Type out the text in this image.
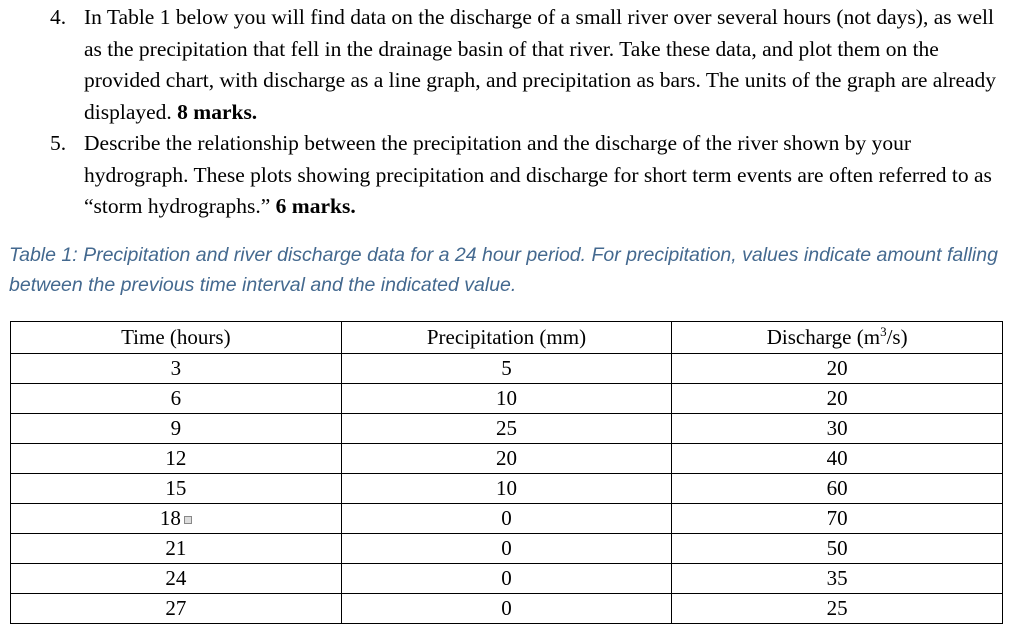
4. In Table 1 below you will find data on the discharge of a small river over several hours (not days), as well as the precipitation that fell in the drainage basin of that river. Take these data, and plot them on the provided chart, with discharge as a line graph, and precipitation as bars. The units of the graph are already displayed. 8 marks.
5. Describe the relationship between the precipitation and the discharge of the river shown by your hydrograph. These plots showing precipitation and discharge for short term events are often referred to as “storm hydrographs.” 6 marks.
Table 1: Precipitation and river discharge data for a 24 hour period. For precipitation, values indicate amount falling between the previous time interval and the indicated value.
Time (hours)	Precipitation (mm)	Discharge $(m^3/s)$
3	5	20
6	10	20
9	25	30
12	20	40
15	10	60
18	0	70
21	0	50
24	0	35
27	0	25
